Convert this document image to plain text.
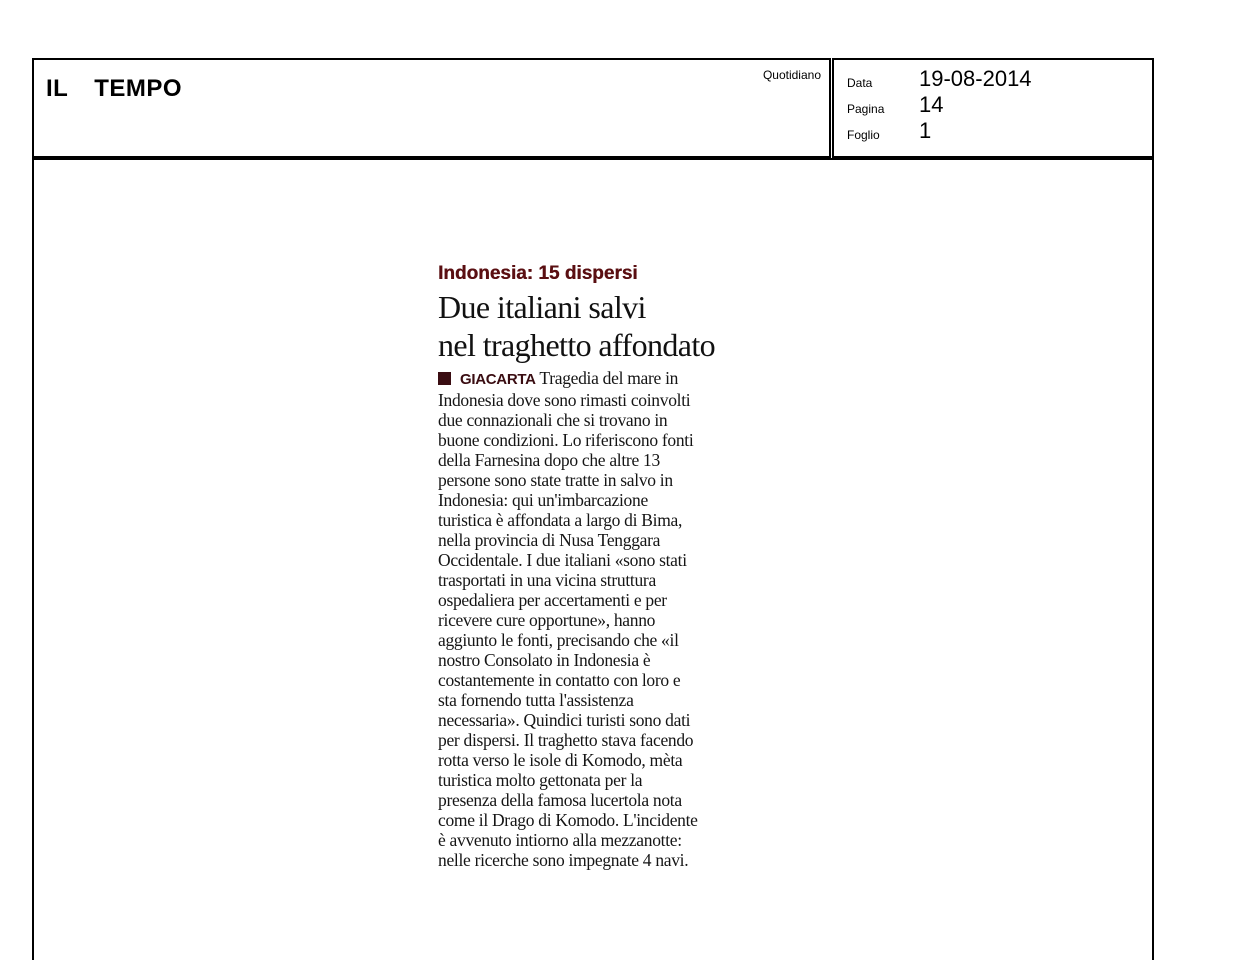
IL  TEMPO	Quotidiano
Data 19-08-2014
Pagina 14
Foglio 1
Indonesia: 15 dispersi
Due italiani salvi
nel traghetto affondato
GIACARTA Tragedia del mare in
Indonesia dove sono rimasti coinvolti
due connazionali che si trovano in
buone condizioni. Lo riferiscono fonti
della Farnesina dopo che altre 13
persone sono state tratte in salvo in
Indonesia: qui un'imbarcazione
turistica è affondata a largo di Bima,
nella provincia di Nusa Tenggara
Occidentale. I due italiani «sono stati
trasportati in una vicina struttura
ospedaliera per accertamenti e per
ricevere cure opportune», hanno
aggiunto le fonti, precisando che «il
nostro Consolato in Indonesia è
costantemente in contatto con loro e
sta fornendo tutta l'assistenza
necessaria». Quindici turisti sono dati
per dispersi. Il traghetto stava facendo
rotta verso le isole di Komodo, mèta
turistica molto gettonata per la
presenza della famosa lucertola nota
come il Drago di Komodo. L'incidente
è avvenuto intiorno alla mezzanotte:
nelle ricerche sono impegnate 4 navi.
